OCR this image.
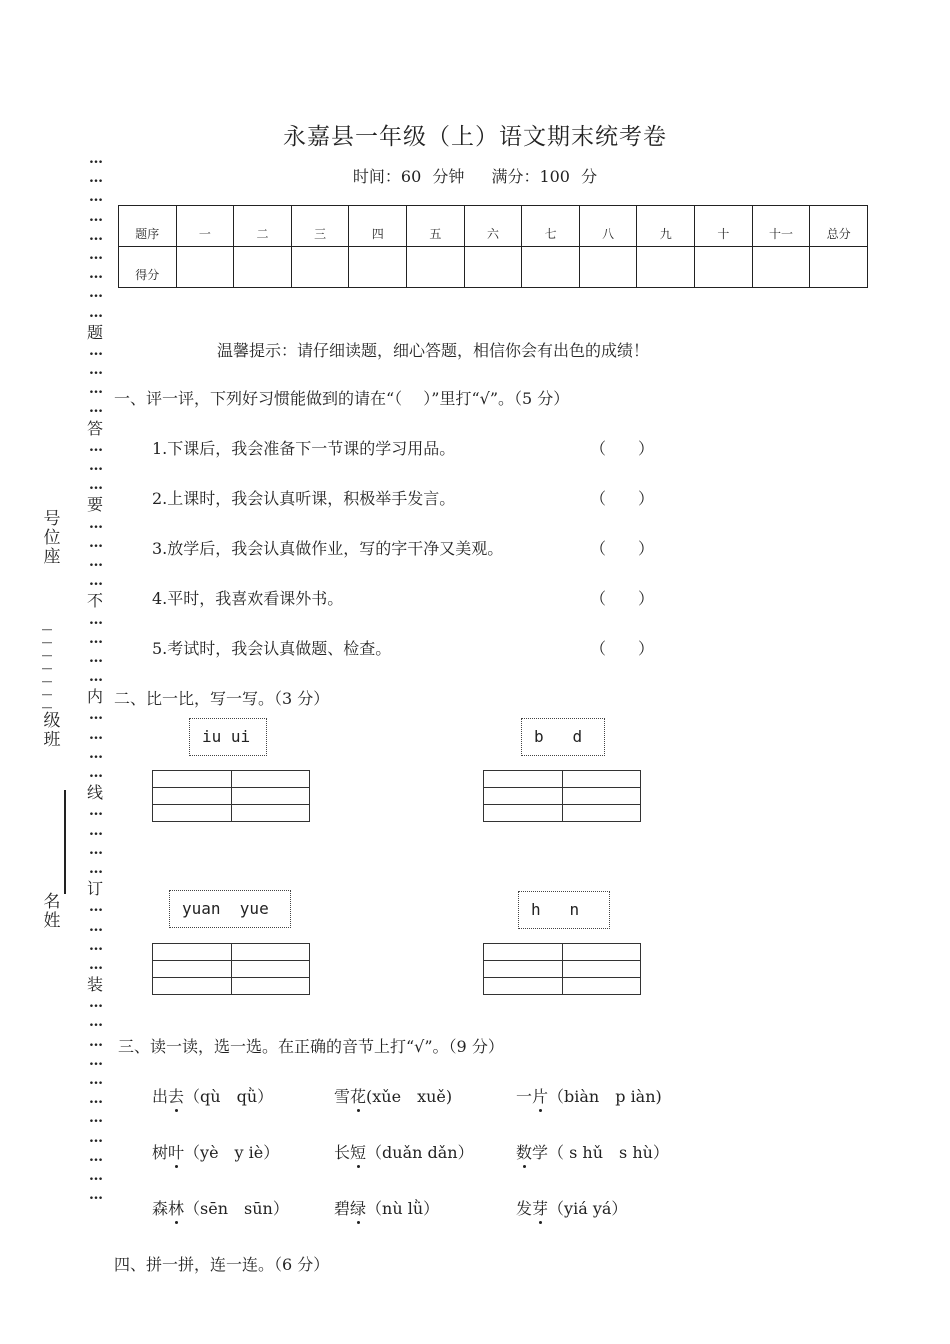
永嘉县一年级（上）语文期末统考卷
时间：60 分钟　 满分：100 分
…
…
…
…
…
…
…
…
…
题
…
…
…
…
答
…
…
…
要
…
…
…
…
不
…
…
…
…
内
…
…
…
…
线
…
…
…
…
订
…
…
…
…
装
…
…
…
…
…
…
…
…
…
…
…
号
位
座
—
—
—
—
—
—
—
级
班
名
姓
题序	一	二	三	四	五	六	七	八	九	十	十一	总分
得分												
温馨提示：请仔细读题，细心答题，相信你会有出色的成绩！
一、评一评，下列好习惯能做到的请在“（　 ）”里打“√”。（5 分）
1.下课后，我会准备下一节课的学习用品。	（　　）
2.上课时，我会认真听课，积极举手发言。	（　　）
3.放学后，我会认真做作业，写的字干净又美观。	（　　）
4.平时，我喜欢看课外书。	（　　）
5.考试时，我会认真做题、检查。	（　　）
二、比一比，写一写。（3 分）
iu ui

		b   d

yuan  yue

		h   n

三、读一读，选一选。在正确的音节上打“√”。（9 分）
出去（qù　qǜ）	雪花(xǔe　xuě)	一片（biàn　p iàn)
树叶（yè　y iè）	长短（duǎn dǎn）	数学（ s hǔ　s hù）
森林（sēn　sūn）	碧绿（nù lǜ）	发芽（yiá yá）
四、拼一拼，连一连。（6 分）
